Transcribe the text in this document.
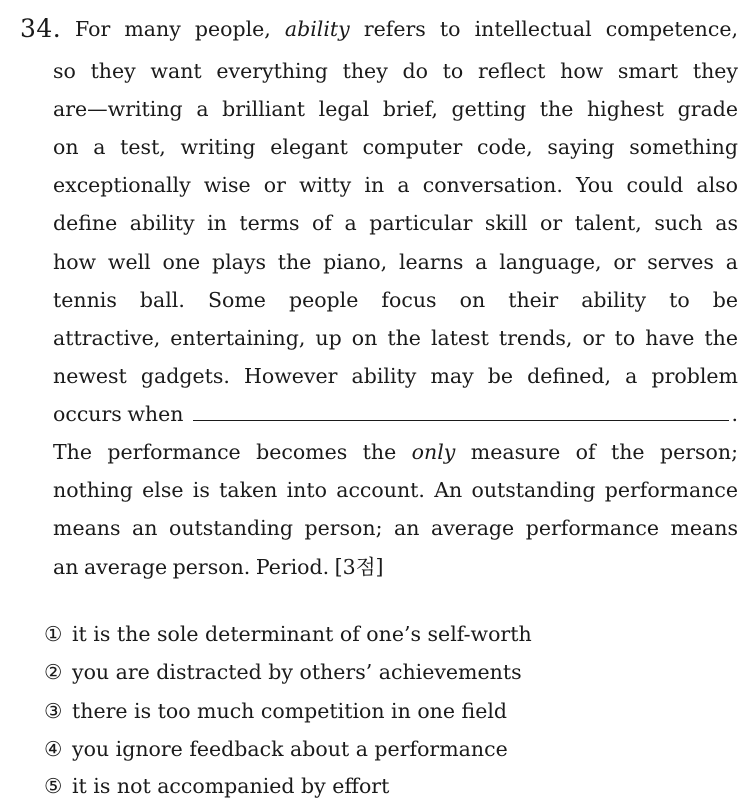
34. For many people, ability refers to intellectual competence,
so they want everything they do to reflect how smart they
are—writing a brilliant legal brief, getting the highest grade
on a test, writing elegant computer code, saying something
exceptionally wise or witty in a conversation. You could also
define ability in terms of a particular skill or talent, such as
how well one plays the piano, learns a language, or serves a
tennis ball. Some people focus on their ability to be
attractive, entertaining, up on the latest trends, or to have the
newest gadgets. However ability may be defined, a problem
occurs when	.
The performance becomes the only measure of the person;
nothing else is taken into account. An outstanding performance
means an outstanding person; an average performance means
an average person. Period. [3점]
① it is the sole determinant of one’s self-worth
② you are distracted by others’ achievements
③ there is too much competition in one field
④ you ignore feedback about a performance
⑤ it is not accompanied by effort
